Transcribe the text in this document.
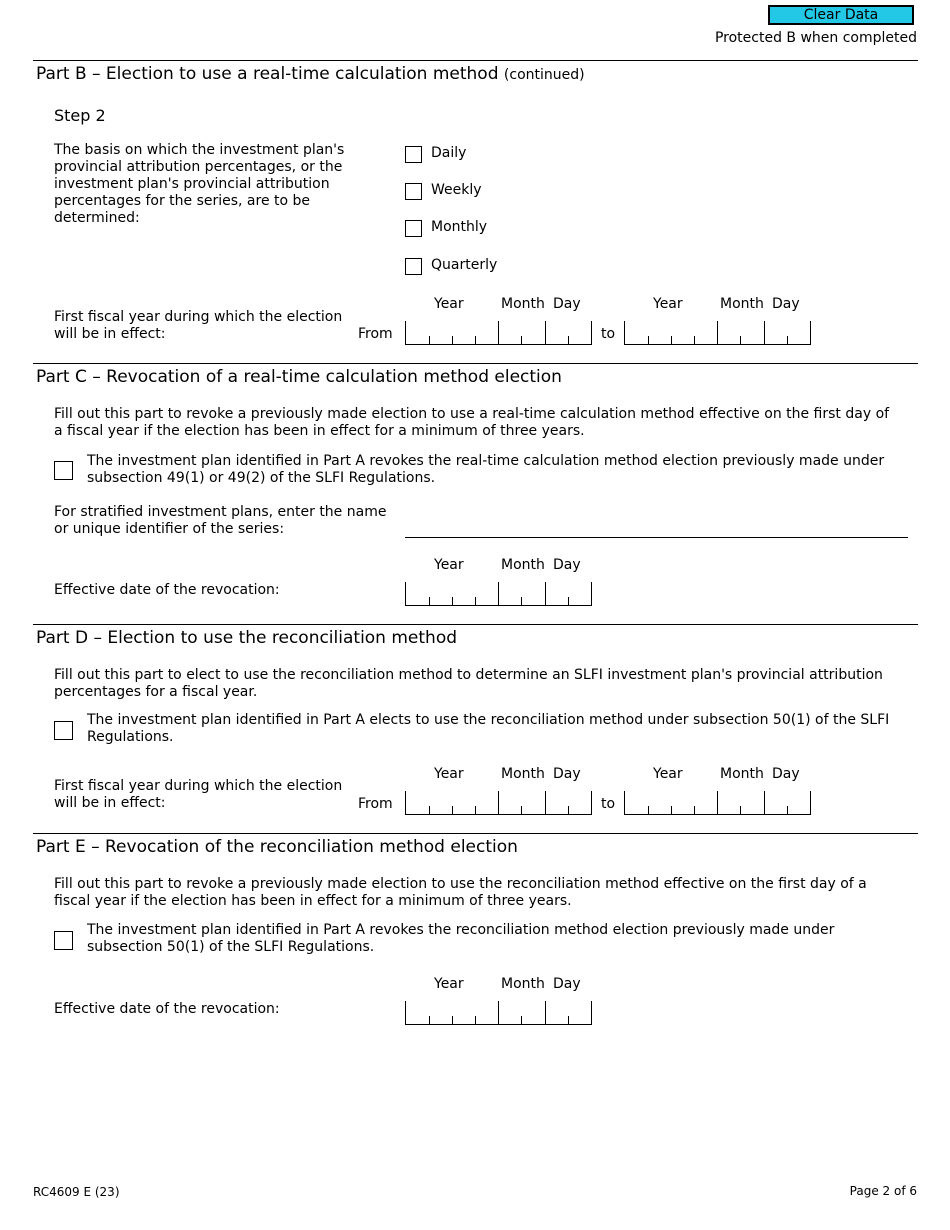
Clear Data
Protected B when completed
Part B – Election to use a real-time calculation method (continued)
Step 2
The basis on which the investment plan's provincial attribution percentages, or the investment plan's provincial attribution percentages for the series, are to be determined:
Daily
Weekly
Monthly
Quarterly
Year	Month Day	Year	Month Day
First fiscal year during which the election will be in effect:	From	to
Part C – Revocation of a real-time calculation method election
Fill out this part to revoke a previously made election to use a real-time calculation method effective on the first day of a fiscal year if the election has been in effect for a minimum of three years.
The investment plan identified in Part A revokes the real-time calculation method election previously made under subsection 49(1) or 49(2) of the SLFI Regulations.
For stratified investment plans, enter the name or unique identifier of the series:
Year	Month Day
Effective date of the revocation:
Part D – Election to use the reconciliation method
Fill out this part to elect to use the reconciliation method to determine an SLFI investment plan's provincial attribution percentages for a fiscal year.
The investment plan identified in Part A elects to use the reconciliation method under subsection 50(1) of the SLFI Regulations.
Year	Month Day	Year	Month Day
First fiscal year during which the election will be in effect:	From	to
Part E – Revocation of the reconciliation method election
Fill out this part to revoke a previously made election to use the reconciliation method effective on the first day of a fiscal year if the election has been in effect for a minimum of three years.
The investment plan identified in Part A revokes the reconciliation method election previously made under subsection 50(1) of the SLFI Regulations.
Year	Month Day
Effective date of the revocation:
RC4609 E (23)	Page 2 of 6
